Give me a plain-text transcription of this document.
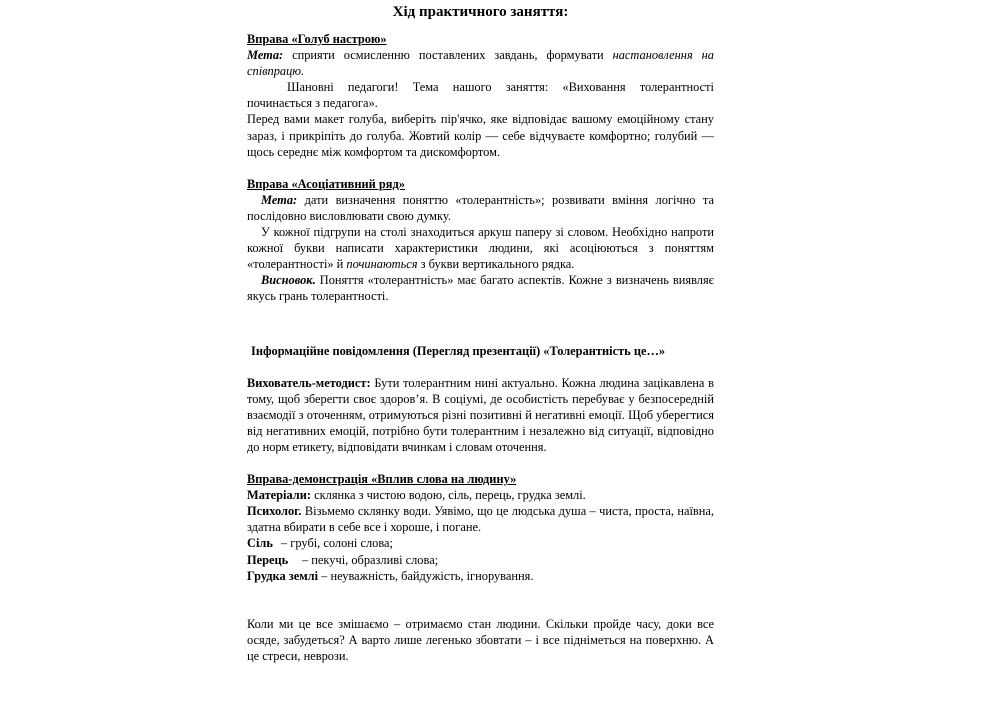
Хід практичного заняття:

Вправа «Голуб настрою»

Мета: сприяти осмисленню поставлених завдань, формувати настановлення на співпрацю.

Шановні педагоги! Тема нашого заняття: «Виховання толерантності починається з педагога».

Перед вами макет голуба, виберіть пір'ячко, яке відповідає вашому емоційному стану зараз, і прикріпіть до голуба. Жовтий колір — себе відчуваєте комфортно; голубий — щось середнє між комфортом та дискомфортом.

Вправа «Асоціативний ряд»

Мета: дати визначення поняттю «толерантність»; розвивати вміння логічно та послідовно висловлювати свою думку.

У кожної підгрупи на столі знаходиться аркуш паперу зі словом. Необхідно напроти кожної букви написати характеристики людини, які асоціюються з поняттям «толерантності» й починаються з букви вертикального рядка.

Висновок. Поняття «толерантність» має багато аспектів. Кожне з визначень виявляє якусь грань толерантності.

Інформаційне повідомлення (Перегляд презентації) «Толерантність це…»

Вихователь-методист: Бути толерантним нині актуально. Кожна людина зацікавлена в тому, щоб зберегти своє здоров’я. В соціумі, де особистість перебуває у безпосередній взаємодії з оточенням, отримуються різні позитивні й негативні емоції. Щоб уберегтися від негативних емоцій, потрібно бути толерантним і незалежно від ситуації, відповідно до норм етикету, відповідати вчинкам і словам оточення.

Вправа-демонстрація «Вплив слова на людину»

Матеріали: склянка з чистою водою, сіль, перець, грудка землі.

Психолог. Візьмемо склянку води. Уявімо, що це людська душа – чиста, проста, наївна, здатна вбирати в себе все і хороше, і погане.

Сіль – грубі, солоні слова;

Перець – пекучі, образливі слова;

Грудка землі – неуважність, байдужість, ігнорування.

Коли ми це все змішаємо – отримаємо стан людини. Скільки пройде часу, доки все осяде, забудеться? А варто лише легенько збовтати – і все підніметься на поверхню. А це стреси, неврози.
